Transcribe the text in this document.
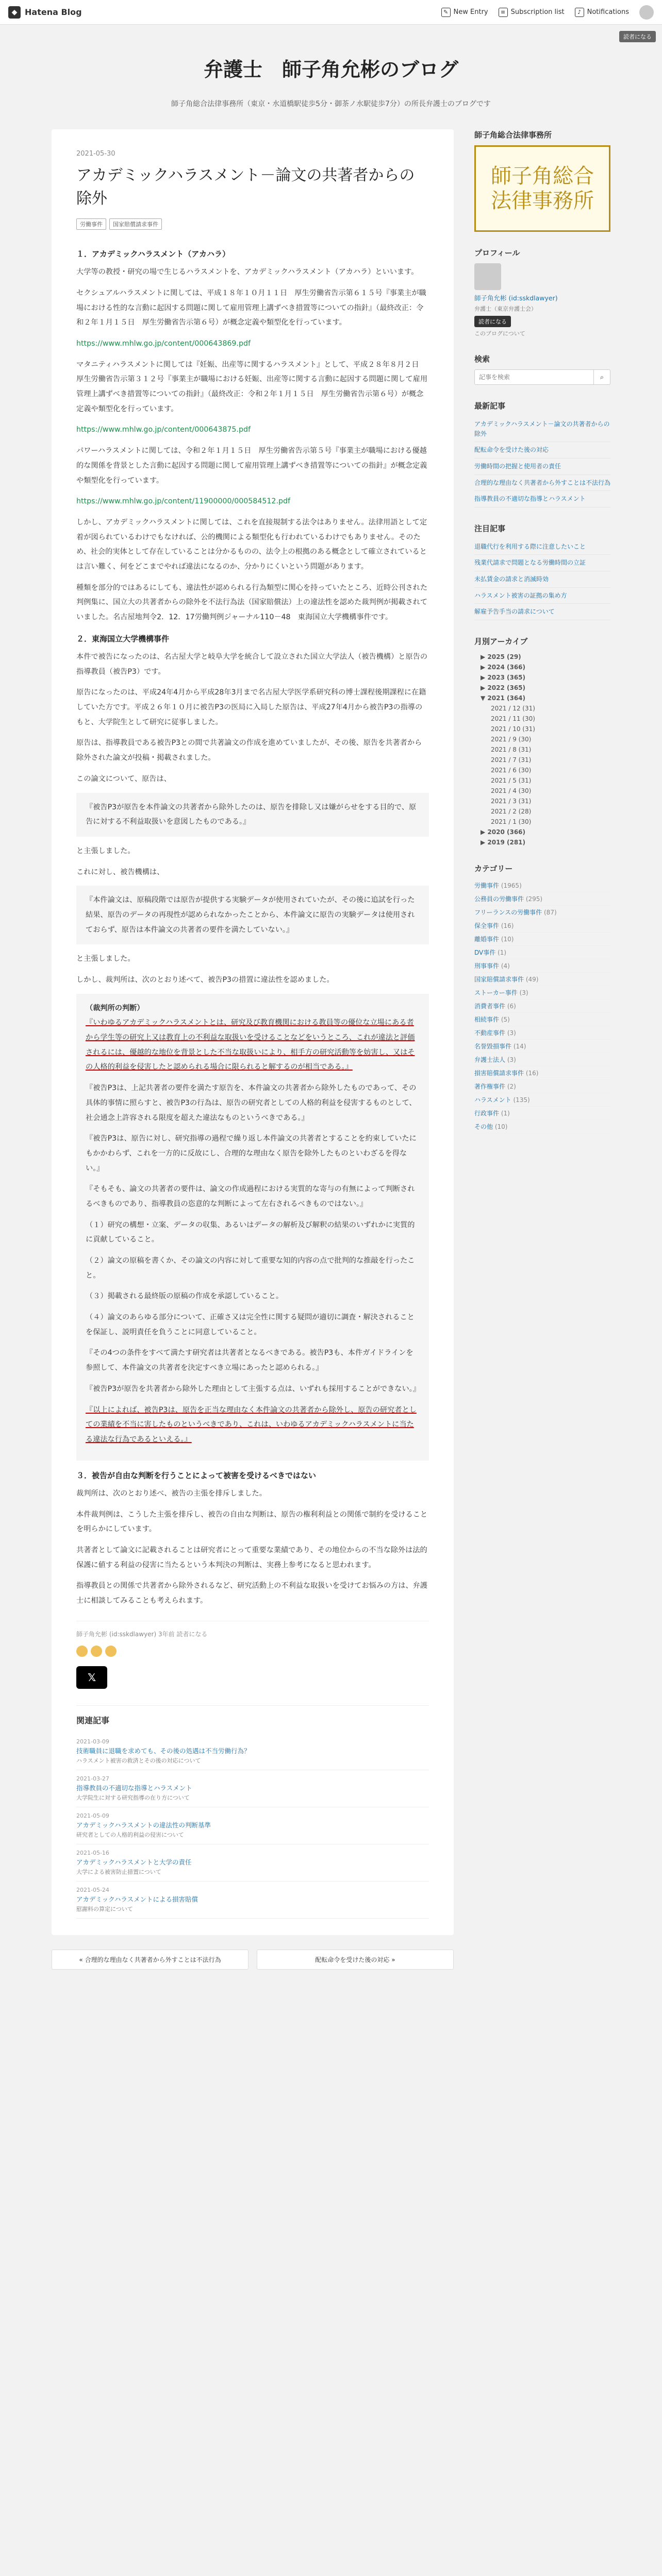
◆ Hatena Blog	✎ New Entry	≡ Subscription list	♪ Notifications
読者になる
弁護士　師子角允彬のブログ
師子角総合法律事務所（東京・水道橋駅徒歩5分・御茶ノ水駅徒歩7分）の所長弁護士のブログです
2021-05-30
アカデミックハラスメント－論文の共著者からの除外
労働事件	国家賠償請求事件
１．アカデミックハラスメント（アカハラ）

大学等の教授・研究の場で生じるハラスメントを、アカデミックハラスメント（アカハラ）といいます。

セクシュアルハラスメントに関しては、平成１８年１０月１１日　厚生労働省告示第６１５号『事業主が職場における性的な言動に起因する問題に関して雇用管理上講ずべき措置等についての指針』（最終改正：令和２年１月１５日　厚生労働省告示第６号）が概念定義や類型化を行っています。

https://www.mhlw.go.jp/content/000643869.pdf

マタニティハラスメントに関しては『妊娠、出産等に関するハラスメント』として、平成２８年８月２日　厚生労働省告示第３１２号『事業主が職場における妊娠、出産等に関する言動に起因する問題に関して雇用管理上講ずべき措置等についての指針』（最終改正：令和２年１月１５日　厚生労働省告示第６号）が概念定義や類型化を行っています。

https://www.mhlw.go.jp/content/000643875.pdf

パワーハラスメントに関しては、令和２年１月１５日　厚生労働省告示第５号『事業主が職場における優越的な関係を背景とした言動に起因する問題に関して雇用管理上講ずべき措置等についての指針』が概念定義や類型化を行っています。

https://www.mhlw.go.jp/content/11900000/000584512.pdf

しかし、アカデミックハラスメントに関しては、これを直接規制する法令はありません。法律用語として定着が図られているわけでもなければ、公的機関による類型化も行われているわけでもありません。そのため、社会的実体として存在していることは分かるものの、法令上の根拠のある概念として確立されているとは言い難く、何をどこまでやれば違法になるのか、分かりにくいという問題があります。

種類を部分的ではあるにしても、違法性が認められる行為類型に関心を持っていたところ、近時公刊された判例集に、国立大の共著者からの除外を不法行為法（国家賠償法）上の違法性を認めた裁判例が掲載されていました。名古屋地判令2．12．17労働判例ジャーナル110－48　東海国立大学機構事件です。

２．東海国立大学機構事件

本件で被告になったのは、名古屋大学と岐阜大学を統合して設立された国立大学法人（被告機構）と原告の指導教員（被告P3）です。

原告になったのは、平成24年4月から平成28年3月まで名古屋大学医学系研究科の博士課程後期課程に在籍していた方です。平成２６年１０月に被告P3の医局に入局した原告は、平成27年4月から被告P3の指導のもと、大学院生として研究に従事しました。

原告は、指導教員である被告P3との間で共著論文の作成を進めていましたが、その後、原告を共著者から除外された論文が投稿・掲載されました。

この論文について、原告は、

『被告P3が原告を本件論文の共著者から除外したのは、原告を排除し又は嫌がらせをする目的で、原告に対する不利益取扱いを意図したものである。』

と主張しました。

これに対し、被告機構は、

『本件論文は、原稿段階では原告が提供する実験データが使用されていたが、その後に追試を行った結果、原告のデータの再現性が認められなかったことから、本件論文に原告の実験データは使用されておらず、原告は本件論文の共著者の要件を満たしていない。』

と主張しました。

しかし、裁判所は、次のとおり述べて、被告P3の措置に違法性を認めました。

（裁判所の判断）

『いわゆるアカデミックハラスメントとは、研究及び教育機関における教員等の優位な立場にある者から学生等の研究上又は教育上の不利益な取扱いを受けることなどをいうところ、これが違法と評価されるには、優越的な地位を背景とした不当な取扱いにより、相手方の研究活動等を妨害し、又はその人格的利益を侵害したと認められる場合に限られると解するのが相当である。』

『被告P3は、上記共著者の要件を満たす原告を、本件論文の共著者から除外したものであって、その具体的事情に照らすと、被告P3の行為は、原告の研究者としての人格的利益を侵害するものとして、社会通念上許容される限度を超えた違法なものというべきである。』

『被告P3は、原告に対し、研究指導の過程で繰り返し本件論文の共著者とすることを約束していたにもかかわらず、これを一方的に反故にし、合理的な理由なく原告を除外したものといわざるを得ない。』

『そもそも、論文の共著者の要件は、論文の作成過程における実質的な寄与の有無によって判断されるべきものであり、指導教員の恣意的な判断によって左右されるべきものではない。』

（１）研究の構想・立案、データの収集、あるいはデータの解析及び解釈の結果のいずれかに実質的に貢献していること。

（２）論文の原稿を書くか、その論文の内容に対して重要な知的内容の点で批判的な推敲を行ったこと。

（３）掲載される最終版の原稿の作成を承認していること。

（４）論文のあらゆる部分について、正確さ又は完全性に関する疑問が適切に調査・解決されることを保証し、説明責任を負うことに同意していること。

『その4つの条件をすべて満たす研究者は共著者となるべきである。被告P3も、本件ガイドラインを参照して、本件論文の共著者を決定すべき立場にあったと認められる。』

『被告P3が原告を共著者から除外した理由として主張する点は、いずれも採用することができない。』

『以上によれば、被告P3は、原告を正当な理由なく本件論文の共著者から除外し、原告の研究者としての業績を不当に害したものというべきであり、これは、いわゆるアカデミックハラスメントに当たる違法な行為であるといえる。』

３．被告が自由な判断を行うことによって被害を受けるべきではない

裁判所は、次のとおり述べ、被告の主張を排斥しました。

本件裁判例は、こうした主張を排斥し、被告の自由な判断は、原告の権利利益との関係で制約を受けることを明らかにしています。

共著者として論文に記載されることは研究者にとって重要な業績であり、その地位からの不当な除外は法的保護に値する利益の侵害に当たるという本判決の判断は、実務上参考になると思われます。

指導教員との関係で共著者から除外されるなど、研究活動上の不利益な取扱いを受けてお悩みの方は、弁護士に相談してみることも考えられます。

師子角允彬 (id:sskdlawyer) 3年前 読者になる
𝕏
関連記事
2021-03-09
技術職員に退職を求めても、その後の処遇は不当労働行為？
ハラスメント被害の救済とその後の対応について
2021-03-27
指導教員の不適切な指導とハラスメント
大学院生に対する研究指導の在り方について
2021-05-09
アカデミックハラスメントの違法性の判断基準
研究者としての人格的利益の侵害について
2021-05-16
アカデミックハラスメントと大学の責任
大学による被害防止措置について
2021-05-24
アカデミックハラスメントによる損害賠償
慰謝料の算定について
« 合理的な理由なく共著者から外すことは不法行為	配転命令を受けた後の対応 »
師子角総合法律事務所
師子角総合
法律事務所
プロフィール
師子角允彬 (id:sskdlawyer)
弁護士（東京弁護士会）
読者になる
このブログについて
検索
記事を検索
⌕
最新記事
アカデミックハラスメント－論文の共著者からの除外
配転命令を受けた後の対応
労働時間の把握と使用者の責任
合理的な理由なく共著者から外すことは不法行為
指導教員の不適切な指導とハラスメント
注目記事
退職代行を利用する際に注意したいこと
残業代請求で問題となる労働時間の立証
未払賃金の請求と消滅時効
ハラスメント被害の証拠の集め方
解雇予告手当の請求について
月別アーカイブ
▶ 2025 (29)
▶ 2024 (366)
▶ 2023 (365)
▶ 2022 (365)
▼ 2021 (364)
2021 / 12 (31)
2021 / 11 (30)
2021 / 10 (31)
2021 / 9 (30)
2021 / 8 (31)
2021 / 7 (31)
2021 / 6 (30)
2021 / 5 (31)
2021 / 4 (30)
2021 / 3 (31)
2021 / 2 (28)
2021 / 1 (30)
▶ 2020 (366)
▶ 2019 (281)
カテゴリー
労働事件 (1965)
公務員の労働事件 (295)
フリーランスの労働事件 (87)
保全事件 (16)
離婚事件 (10)
DV事件 (1)
刑事事件 (4)
国家賠償請求事件 (49)
ストーカー事件 (3)
消費者事件 (6)
相続事件 (5)
不動産事件 (3)
名誉毀損事件 (14)
弁護士法人 (3)
損害賠償請求事件 (16)
著作権事件 (2)
ハラスメント (135)
行政事件 (1)
その他 (10)
